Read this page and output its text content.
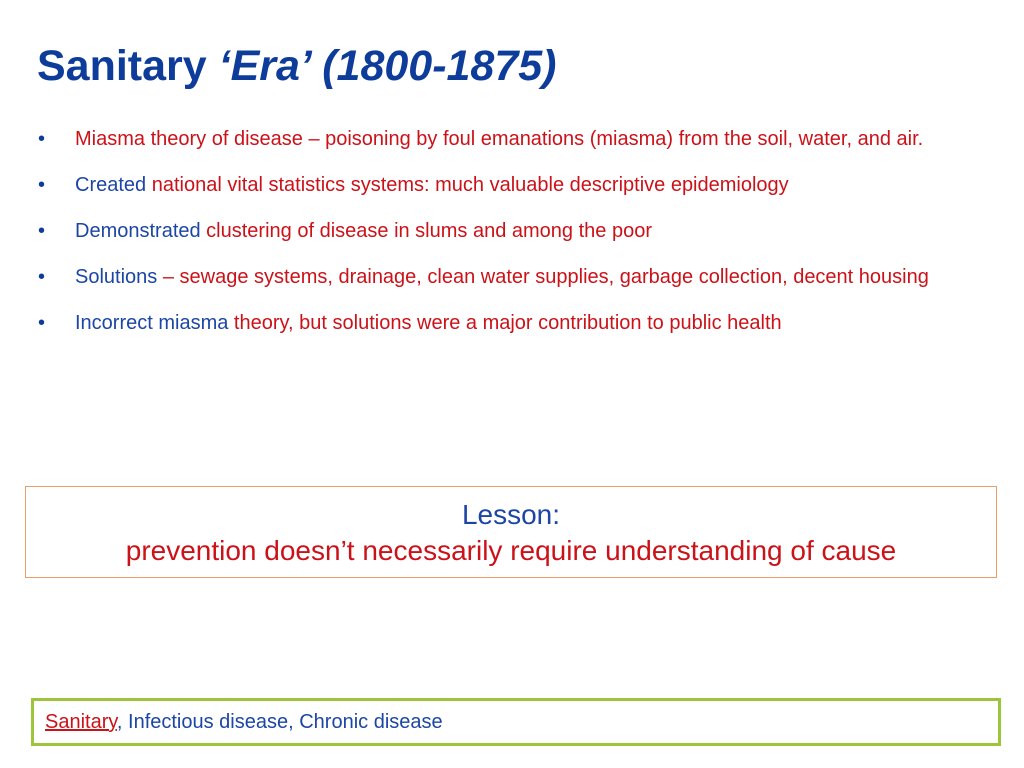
Sanitary ‘Era’ (1800-1875)
• Miasma theory of disease – poisoning by foul emanations (miasma) from the soil, water, and air.
• Created national vital statistics systems: much valuable descriptive epidemiology
• Demonstrated clustering of disease in slums and among the poor
• Solutions – sewage systems, drainage, clean water supplies, garbage collection, decent housing
• Incorrect miasma theory, but solutions were a major contribution to public health
Lesson:
prevention doesn’t necessarily require understanding of cause
Sanitary, Infectious disease, Chronic disease
